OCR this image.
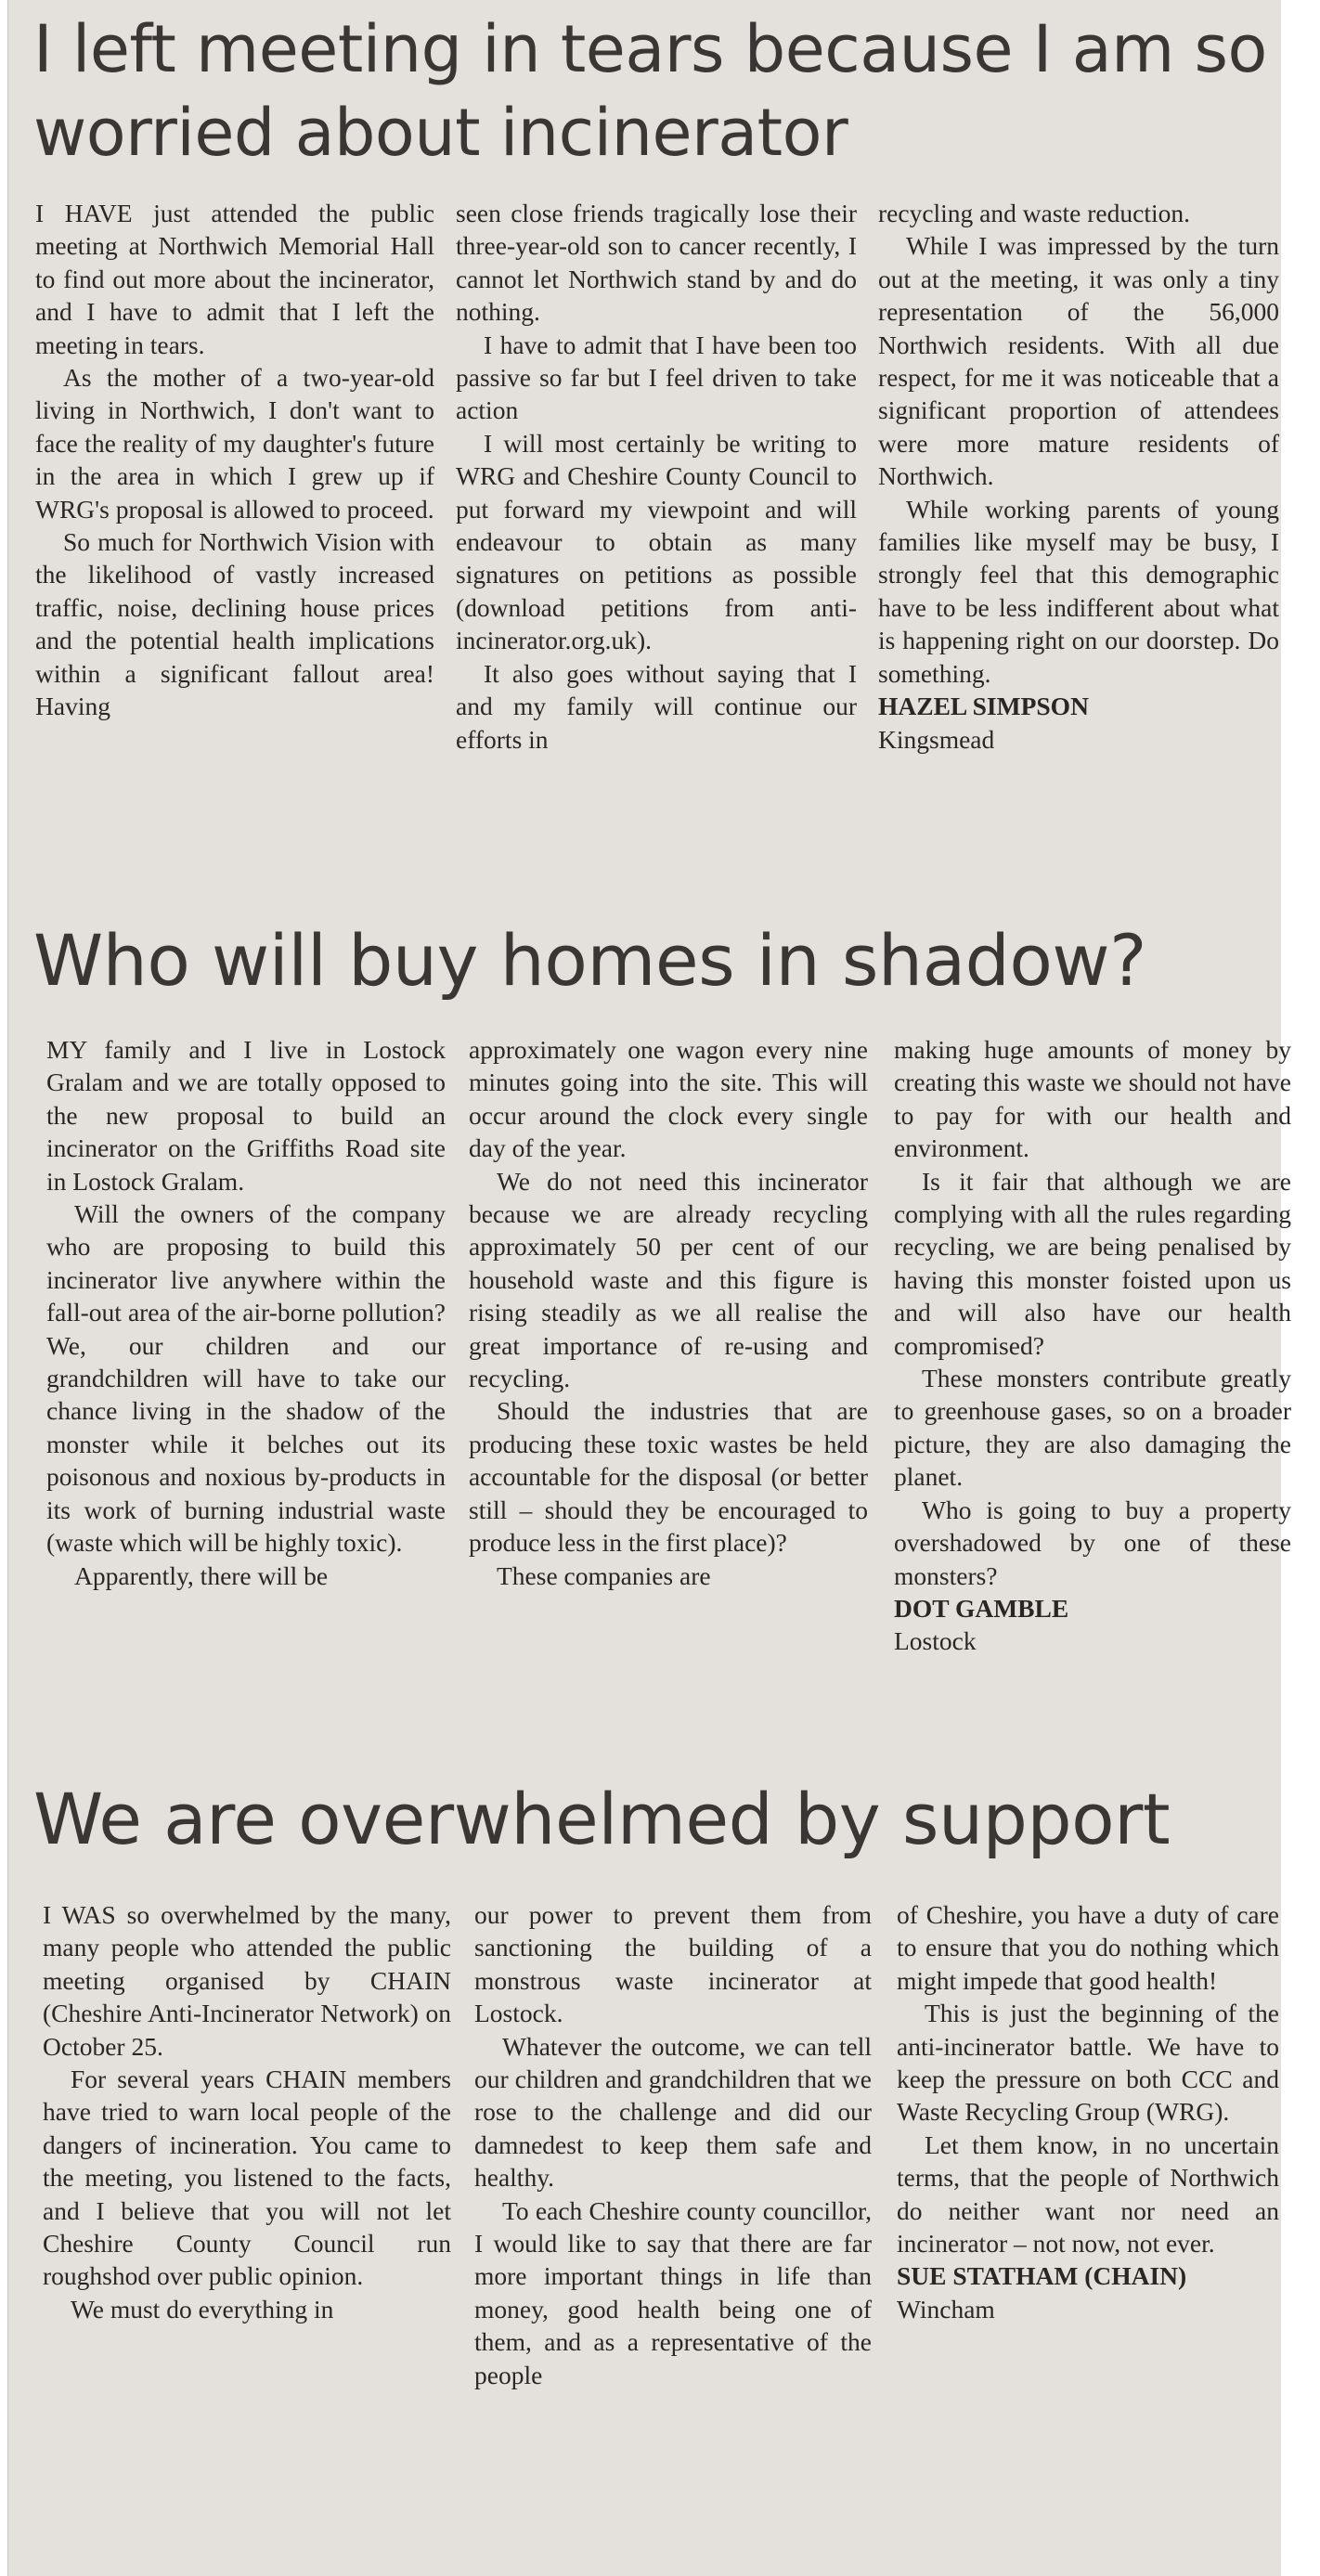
I left meeting in tears because I am so worried about incinerator

I HAVE just attended the public meeting at Northwich Memorial Hall to find out more about the incinerator, and I have to admit that I left the meeting in tears.

As the mother of a two-year-old living in Northwich, I don't want to face the reality of my daughter's future in the area in which I grew up if WRG's proposal is allowed to proceed.

So much for Northwich Vision with the likelihood of vastly increased traffic, noise, declining house prices and the potential health implications within a significant fallout area! Having

seen close friends tragically lose their three-year-old son to cancer recently, I cannot let Northwich stand by and do nothing.

I have to admit that I have been too passive so far but I feel driven to take action

I will most certainly be writing to WRG and Cheshire County Council to put forward my viewpoint and will endeavour to obtain as many signatures on petitions as possible (download petitions from anti-incinerator.org.uk).

It also goes without saying that I and my family will continue our efforts in

recycling and waste reduction.

While I was impressed by the turn out at the meeting, it was only a tiny representation of the 56,000 Northwich residents. With all due respect, for me it was noticeable that a significant proportion of attendees were more mature residents of Northwich.

While working parents of young families like myself may be busy, I strongly feel that this demographic have to be less indifferent about what is happening right on our doorstep. Do something.

HAZEL SIMPSON

Kingsmead

Who will buy homes in shadow?

MY family and I live in Lostock Gralam and we are totally opposed to the new proposal to build an incinerator on the Griffiths Road site in Lostock Gralam.

Will the owners of the company who are proposing to build this incinerator live anywhere within the fall-out area of the air-borne pollution? We, our children and our grandchildren will have to take our chance living in the shadow of the monster while it belches out its poisonous and noxious by-products in its work of burning industrial waste (waste which will be highly toxic).

Apparently, there will be

approximately one wagon every nine minutes going into the site. This will occur around the clock every single day of the year.

We do not need this incinerator because we are already recycling approximately 50 per cent of our household waste and this figure is rising steadily as we all realise the great importance of re-using and recycling.

Should the industries that are producing these toxic wastes be held accountable for the disposal (or better still – should they be encouraged to produce less in the first place)?

These companies are

making huge amounts of money by creating this waste we should not have to pay for with our health and environment.

Is it fair that although we are complying with all the rules regarding recycling, we are being penalised by having this monster foisted upon us and will also have our health compromised?

These monsters contribute greatly to greenhouse gases, so on a broader picture, they are also damaging the planet.

Who is going to buy a property overshadowed by one of these monsters?

DOT GAMBLE

Lostock

We are overwhelmed by support

I WAS so overwhelmed by the many, many people who attended the public meeting organised by CHAIN (Cheshire Anti-Incinerator Network) on October 25.

For several years CHAIN members have tried to warn local people of the dangers of incineration. You came to the meeting, you listened to the facts, and I believe that you will not let Cheshire County Council run roughshod over public opinion.

We must do everything in

our power to prevent them from sanctioning the building of a monstrous waste incinerator at Lostock.

Whatever the outcome, we can tell our children and grandchildren that we rose to the challenge and did our damnedest to keep them safe and healthy.

To each Cheshire county councillor, I would like to say that there are far more important things in life than money, good health being one of them, and as a representative of the people

of Cheshire, you have a duty of care to ensure that you do nothing which might impede that good health!

This is just the beginning of the anti-incinerator battle. We have to keep the pressure on both CCC and Waste Recycling Group (WRG).

Let them know, in no uncertain terms, that the people of Northwich do neither want nor need an incinerator – not now, not ever.

SUE STATHAM (CHAIN)

Wincham
